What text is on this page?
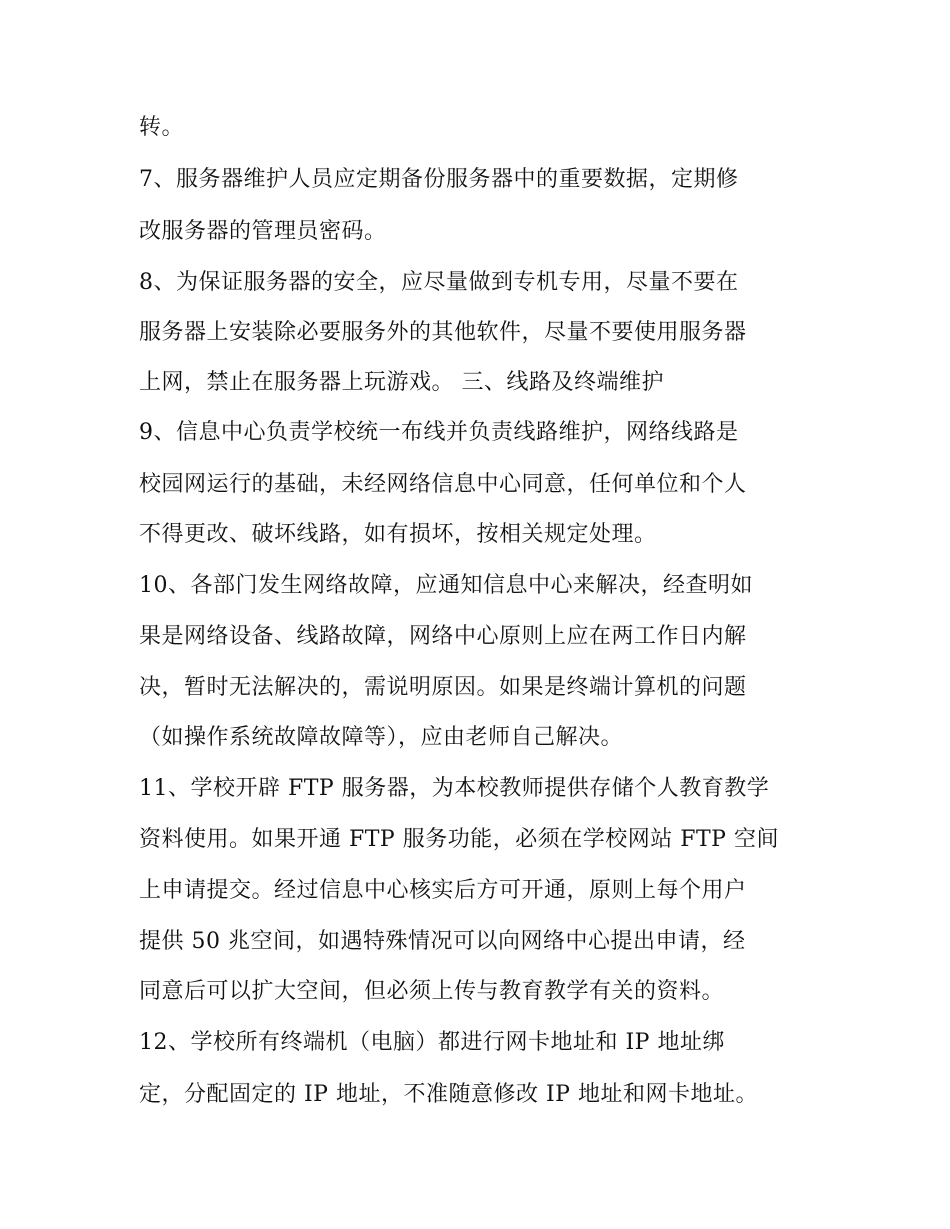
转。
7、服务器维护人员应定期备份服务器中的重要数据，定期修
改服务器的管理员密码。
8、为保证服务器的安全，应尽量做到专机专用，尽量不要在
服务器上安装除必要服务外的其他软件，尽量不要使用服务器
上网，禁止在服务器上玩游戏。 三、线路及终端维护
9、信息中心负责学校统一布线并负责线路维护，网络线路是
校园网运行的基础，未经网络信息中心同意，任何单位和个人
不得更改、破坏线路，如有损坏，按相关规定处理。
10、各部门发生网络故障，应通知信息中心来解决，经查明如
果是网络设备、线路故障，网络中心原则上应在两工作日内解
决，暂时无法解决的，需说明原因。如果是终端计算机的问题
（如操作系统故障故障等），应由老师自己解决。
11、学校开辟 FTP 服务器，为本校教师提供存储个人教育教学
资料使用。如果开通 FTP 服务功能，必须在学校网站 FTP 空间
上申请提交。经过信息中心核实后方可开通，原则上每个用户
提供 50 兆空间，如遇特殊情况可以向网络中心提出申请，经
同意后可以扩大空间，但必须上传与教育教学有关的资料。
12、学校所有终端机（电脑）都进行网卡地址和 IP 地址绑
定，分配固定的 IP 地址，不准随意修改 IP 地址和网卡地址。
